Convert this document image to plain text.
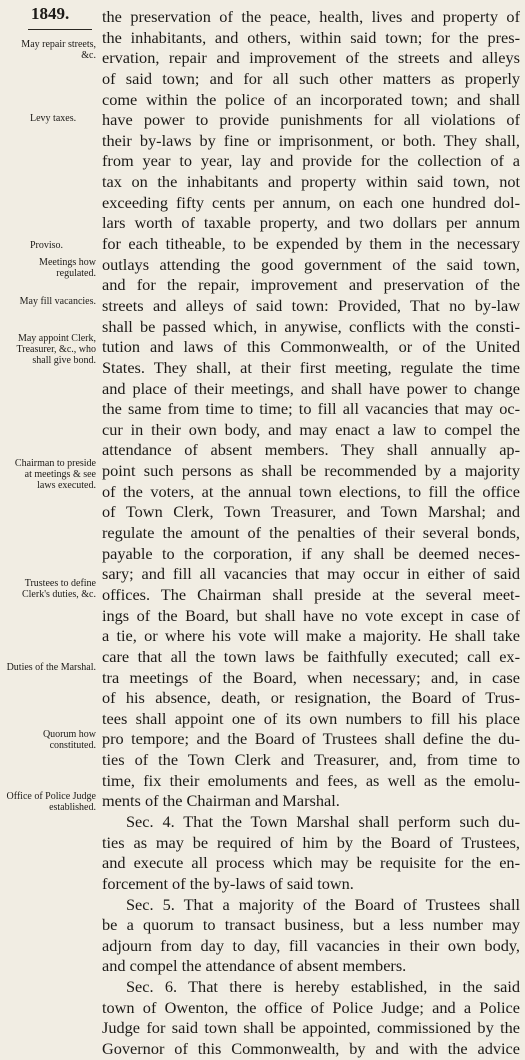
1849.
May repair streets, &c.
Levy taxes.
Proviso.
Meetings how regulated.
May fill vacancies.
May appoint Clerk, Treasurer, &c., who shall give bond.
Chairman to preside at meetings & see laws executed.
Trustees to define Clerk's duties, &c.
Duties of the Marshal.
Quorum how constituted.
Office of Police Judge established.
the preservation of the peace, health, lives and property of
the inhabitants, and others, within said town; for the pres-
ervation, repair and improvement of the streets and alleys
of said town; and for all such other matters as properly
come within the police of an incorporated town; and shall
have power to provide punishments for all violations of
their by-laws by fine or imprisonment, or both. They shall,
from year to year, lay and provide for the collection of a
tax on the inhabitants and property within said town, not
exceeding fifty cents per annum, on each one hundred dol-
lars worth of taxable property, and two dollars per annum
for each titheable, to be expended by them in the necessary
outlays attending the good government of the said town,
and for the repair, improvement and preservation of the
streets and alleys of said town: Provided, That no by-law
shall be passed which, in anywise, conflicts with the consti-
tution and laws of this Commonwealth, or of the United
States. They shall, at their first meeting, regulate the time
and place of their meetings, and shall have power to change
the same from time to time; to fill all vacancies that may oc-
cur in their own body, and may enact a law to compel the
attendance of absent members. They shall annually ap-
point such persons as shall be recommended by a majority
of the voters, at the annual town elections, to fill the office
of Town Clerk, Town Treasurer, and Town Marshal; and
regulate the amount of the penalties of their several bonds,
payable to the corporation, if any shall be deemed neces-
sary; and fill all vacancies that may occur in either of said
offices. The Chairman shall preside at the several meet-
ings of the Board, but shall have no vote except in case of
a tie, or where his vote will make a majority. He shall take
care that all the town laws be faithfully executed; call ex-
tra meetings of the Board, when necessary; and, in case
of his absence, death, or resignation, the Board of Trus-
tees shall appoint one of its own numbers to fill his place
pro tempore; and the Board of Trustees shall define the du-
ties of the Town Clerk and Treasurer, and, from time to
time, fix their emoluments and fees, as well as the emolu-
ments of the Chairman and Marshal.
Sec. 4. That the Town Marshal shall perform such du-
ties as may be required of him by the Board of Trustees,
and execute all process which may be requisite for the en-
forcement of the by-laws of said town.
Sec. 5. That a majority of the Board of Trustees shall
be a quorum to transact business, but a less number may
adjourn from day to day, fill vacancies in their own body,
and compel the attendance of absent members.
Sec. 6. That there is hereby established, in the said
town of Owenton, the office of Police Judge; and a Police
Judge for said town shall be appointed, commissioned by the
Governor of this Commonwealth, by and with the advice
